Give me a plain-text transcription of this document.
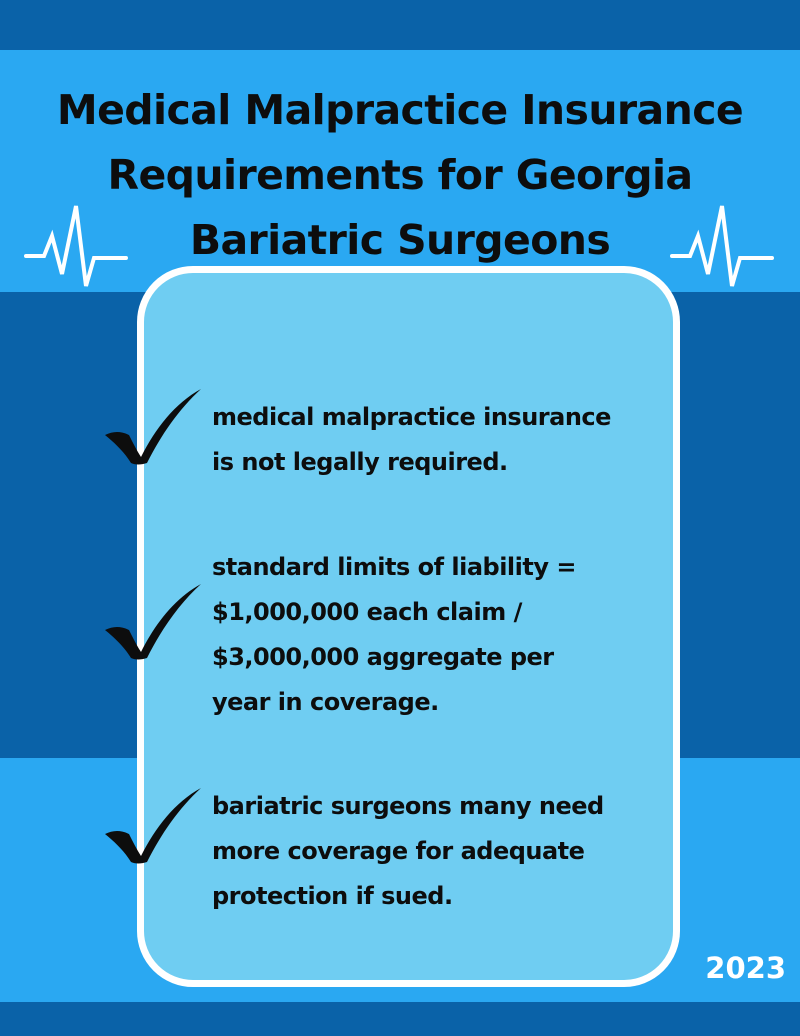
Medical Malpractice Insurance
Requirements for Georgia
Bariatric Surgeons

medical malpractice insurance
is not legally required.

standard limits of liability =
$1,000,000 each claim /
$3,000,000 aggregate per
year in coverage.

bariatric surgeons many need
more coverage for adequate
protection if sued.

2023
